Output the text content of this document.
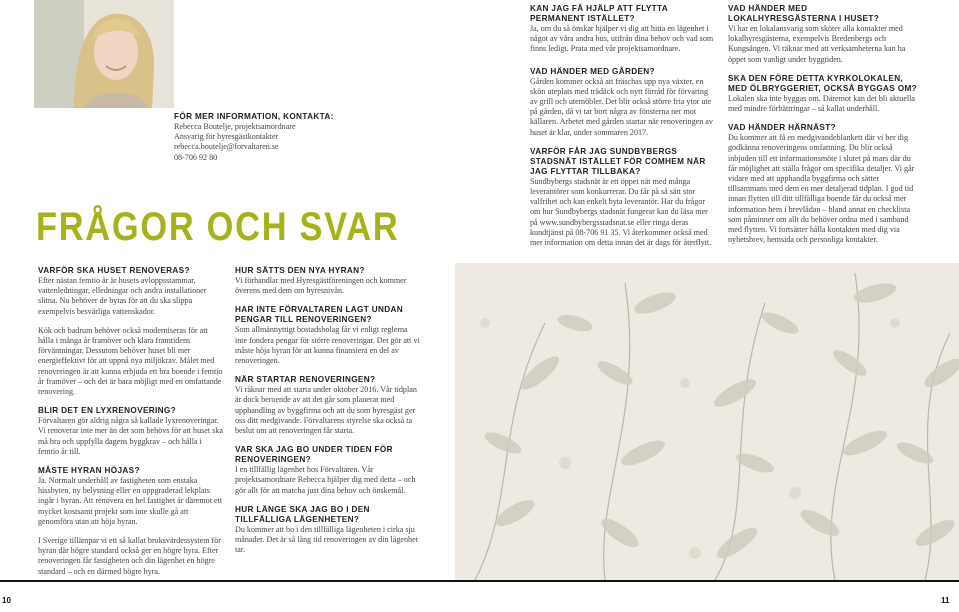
FÖR MER INFORMATION, KONTAKTA:

Rebecca Boutelje, projektsamordnare

Ansvarig för hyresgästkontakter

rebecca.boutelje@forvaltaren.se

08-706 92 80

FRÅGOR OCH SVAR

KAN JAG FÅ HJÄLP ATT FLYTTA PERMANENT ISTÄLLET?

Ja, om du så önskar hjälper vi dig att hitta en lägenhet i något av våra andra hus, utifrån dina behov och vad som finns ledigt. Prata med vår projektsamordnare.

VAD HÄNDER MED GÅRDEN?

Gården kommer också att fräschas upp nya växter, en skön uteplats med trädäck och nytt förråd för förvaring av grill och utemöbler. Det blir också större fria ytor ute på gården, då vi tar bort några av fönsterna ner mot källaren. Arbetet med gården startar när renoveringen av huset är klar, under sommaren 2017.

VARFÖR FÅR JAG SUNDBYBERGS STADSNÄT ISTÄLLET FÖR COMHEM NÄR JAG FLYTTAR TILLBAKA?

Sundbybergs stadsnät är ett öppet nät med många leverantörer som konkurrerar. Du får på så sätt stor valfrihet och kan enkelt byta leverantör. Har du frågor om hur Sundbybergs stadsnät fungerar kan du läsa mer på www.sundbybergsstadsnat.se eller ringa deras kundtjänst på 08-706 91 35. Vi återkommer också med mer information om detta innan det är dags för återflytt.

VAD HÄNDER MED LOKALHYRESGÄSTERNA I HUSET?

Vi har en lokalansvarig som sköter alla kontakter med lokalhyresgästerna, exempelvis Bredenbergs och Kungsängen. Vi räknar med att verksamheterna kan ha öppet som vanligt under byggtiden.

SKA DEN FÖRE DETTA KYRKOLOKALEN, MED ÖLBRYGGERIET, OCKSÅ BYGGAS OM?

Lokalen ska inte byggas om. Däremot kan det bli aktuella med mindre förbättringar – så kallat underhåll.

VAD HÄNDER HÄRNÄST?

Du kommer att få en medgivandeblankett där vi ber dig godkänna renoveringens omfattning. Du blir också inbjuden till ett informationsmöte i slutet på mars där du får möjlighet att ställa frågor om specifika detaljer. Vi går vidare med att upphandla byggfirma och sätter tillsammans med dem en mer detaljerad tidplan. I god tid innan flytten till ditt tillfälliga boende får du också mer information hem i brevlådan – bland annat en checklista som påminner om allt du behöver ordna med i samband med flytten. Vi fortsätter hålla kontakten med dig via nyhetsbrev, hemsida och personliga kontakter.

VARFÖR SKA HUSET RENOVERAS?

Efter nästan femtio år är husets avloppsstammar, vattenledningar, elledningar och andra installationer slitna. Nu behöver de bytas för att du ska slippa exempelvis besvärliga vattenskador.

Kök och badrum behöver också moderniseras för att hålla i många år framöver och klara framtidens förväntningar. Dessutom behöver huset bli mer energieffektivt för att uppnå nya miljökrav. Målet med renoveringen är att kunna erbjuda ett bra boende i femtio år framöver – och det är bara möjligt med en omfattande renovering.

BLIR DET EN LYXRENOVERING?

Förvaltaren gör aldrig några så kallade lyxrenoveringar. Vi renoverar inte mer än det som behövs för att huset ska må bra och uppfylla dagens byggkrav – och hålla i femtio år till.

MÅSTE HYRAN HÖJAS?

Ja. Normalt underhåll av fastigheten som enstaka hissbyten, ny belysning eller en uppgraderad lekplats ingår i hyran. Att renovera en hel fastighet är däremot ett mycket kostsamt projekt som inte skulle gå att genomföra utan att höja hyran.

I Sverige tillämpar vi ett så kallat bruksvärdessystem för hyran där högre standard också ger en högre hyra. Efter renoveringen får fastigheten och din lägenhet en högre standard – och en därmed högre hyra.

HUR SÄTTS DEN NYA HYRAN?

Vi förhandlar med Hyresgästföreningen och kommer överens med dem om hyresnivån.

HAR INTE FÖRVALTAREN LAGT UNDAN PENGAR TILL RENOVERINGEN?

Som allmännyttigt bostadsbolag får vi enligt reglerna inte fondera pengar för större renoveringar. Det gör att vi måste höja hyran för att kunna finansiera en del av renoveringen.

NÄR STARTAR RENOVERINGEN?

Vi räknar med att starta under oktober 2016. Vår tidplan är dock beroende av att det går som planerat med upphandling av byggfirma och att du som hyresgäst ger oss ditt medgivande. Förvaltarens styrelse ska också ta beslut om att renoveringen får starta.

VAR SKA JAG BO UNDER TIDEN FÖR RENOVERINGEN?

I en tillfällig lägenhet hos Förvaltaren. Vår projektsamordnare Rebecca hjälper dig med detta – och gör allt för att matcha just dina behov och önskemål.

HUR LÄNGE SKA JAG BO I DEN TILLFÄLLIGA LÄGENHETEN?

Du kommer att bo i den tillfälliga lägenheten i cirka sju månader. Det är så lång tid renoveringen av din lägenhet tar.

10	11
